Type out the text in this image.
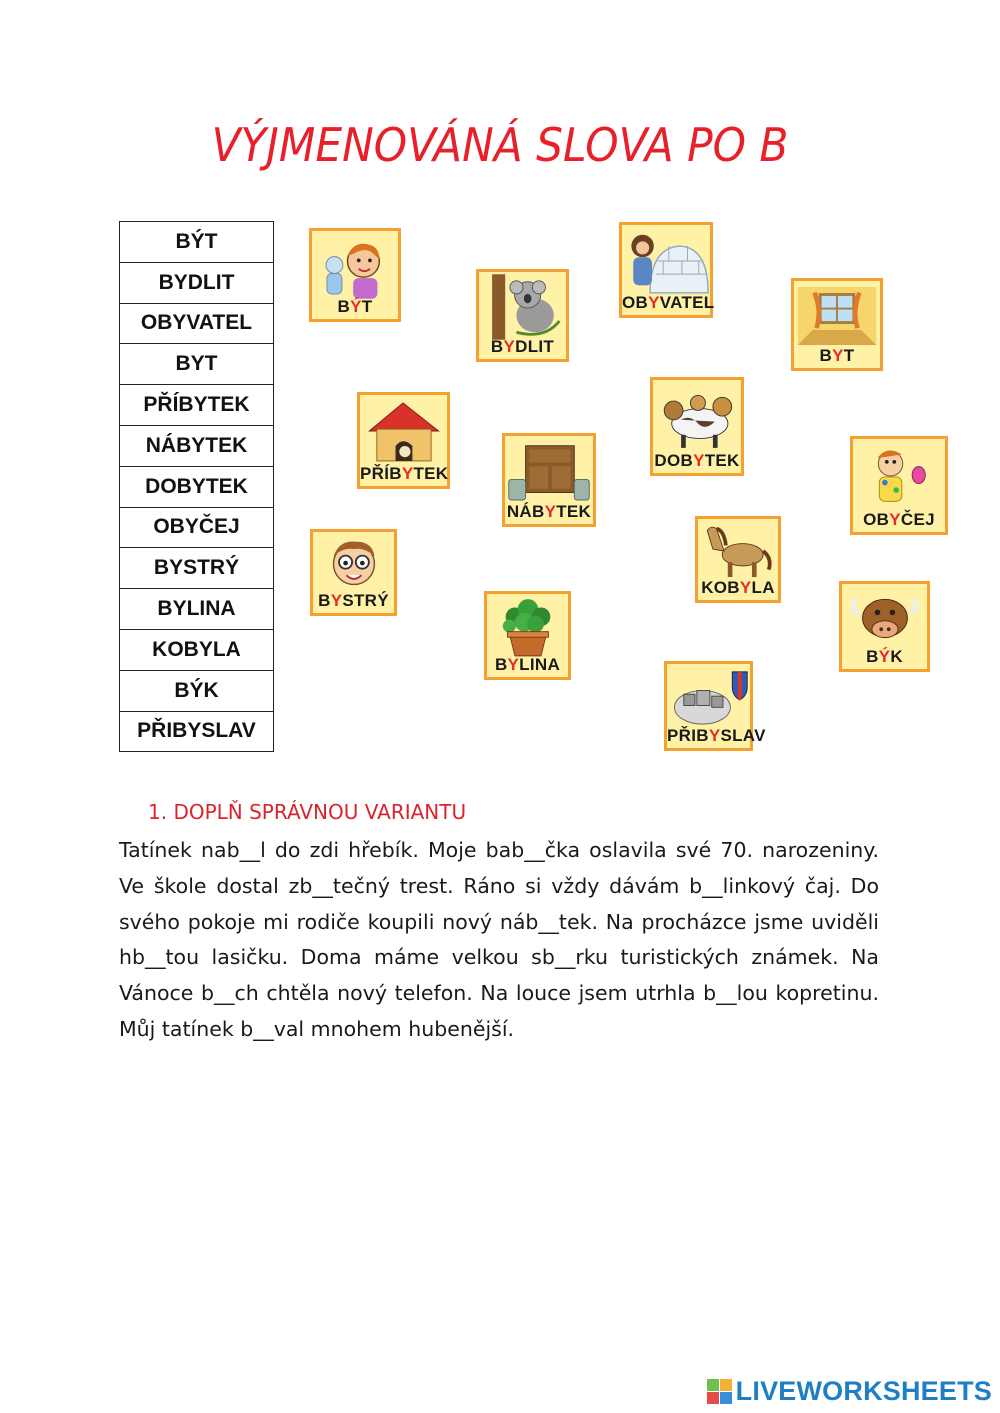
VÝJMENOVÁNÁ SLOVA PO B
BÝT
BYDLIT
OBYVATEL
BYT
PŘÍBYTEK
NÁBYTEK
DOBYTEK
OBYČEJ
BYSTRÝ
BYLINA
KOBYLA
BÝK
PŘIBYSLAV
BÝT
BYDLIT
OBYVATEL
BYT
PŘÍBYTEK
NÁBYTEK
DOBYTEK
OBYČEJ
BYSTRÝ
BYLINA
KOBYLA
BÝK
PŘIBYSLAV
1. DOPLŇ SPRÁVNOU VARIANTU
Tatínek nab__l do zdi hřebík. Moje bab__čka oslavila své 70. narozeniny. Ve škole dostal zb__tečný trest. Ráno si vždy dávám b__linkový čaj. Do svého pokoje mi rodiče koupili nový náb__tek. Na procházce jsme uviděli hb__tou lasičku. Doma máme velkou sb__rku turistických známek. Na Vánoce b__ch chtěla nový telefon. Na louce jsem utrhla b__lou kopretinu. Můj tatínek b__val mnohem hubenější.
LIVEWORKSHEETS
